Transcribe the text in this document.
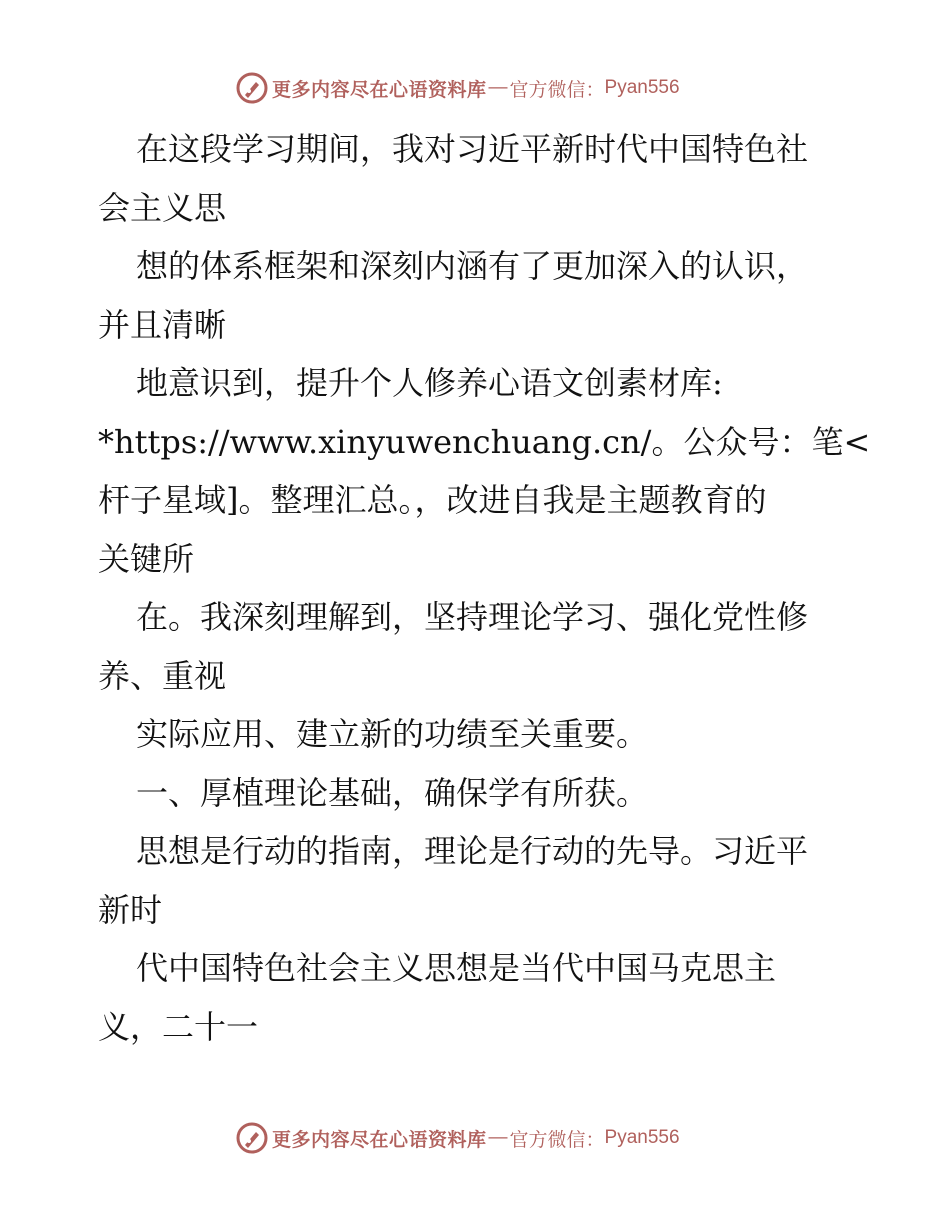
更多内容尽在心语资料库 — 官方微信： Pyan556
在这段学习期间，我对习近平新时代中国特色社
会主义思
想的体系框架和深刻内涵有了更加深入的认识，
并且清晰
地意识到，提升个人修养心语文创素材库:
*https://www.xinyuwenchuang.cn/。公众号：笔<
杆子星域]。整理汇总。，改进自我是主题教育的
关键所
在。我深刻理解到，坚持理论学习、强化党性修
养、重视
实际应用、建立新的功绩至关重要。
一、厚植理论基础，确保学有所获。
思想是行动的指南，理论是行动的先导。习近平
新时
代中国特色社会主义思想是当代中国马克思主
义，二十一
更多内容尽在心语资料库 — 官方微信： Pyan556
